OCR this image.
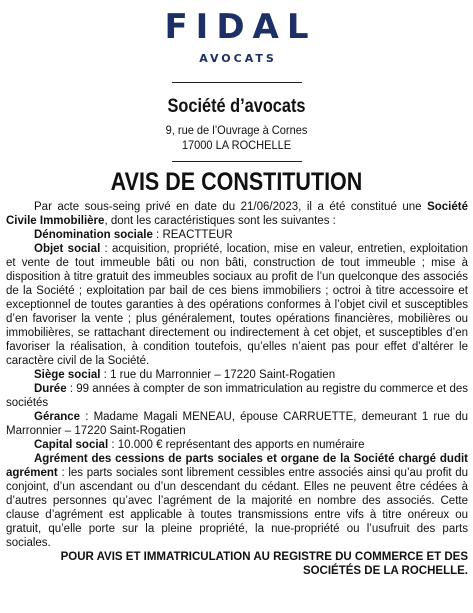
FIDAL
AVOCATS
Société d’avocats
9, rue de l’Ouvrage à Cornes
17000 LA ROCHELLE
AVIS DE CONSTITUTION

Par acte sous-seing privé en date du 21/06/2023, il a été constitué une Société Civile Immobilière, dont les caractéristiques sont les suivantes :

Dénomination sociale : REACTTEUR

Objet social : acquisition, propriété, location, mise en valeur, entretien, exploitation et vente de tout immeuble bâti ou non bâti, construction de tout immeuble ; mise à disposition à titre gratuit des immeubles sociaux au profit de l’un quelconque des associés de la Société ; exploitation par bail de ces biens immobiliers ; octroi à titre accessoire et exceptionnel de toutes garanties à des opérations conformes à l’objet civil et susceptibles d’en favoriser la vente ; plus généralement, toutes opérations financières, mobilières ou immobilières, se rattachant directement ou indirectement à cet objet, et susceptibles d’en favoriser la réalisation, à condition toutefois, qu’elles n’aient pas pour effet d’altérer le caractère civil de la Société.

Siège social : 1 rue du Marronnier – 17220 Saint-Rogatien

Durée : 99 années à compter de son immatriculation au registre du commerce et des sociétés

Gérance : Madame Magali MENEAU, épouse CARRUETTE, demeurant 1 rue du Marronnier – 17220 Saint-Rogatien

Capital social : 10.000 € représentant des apports en numéraire

Agrément des cessions de parts sociales et organe de la Société chargé dudit agrément : les parts sociales sont librement cessibles entre associés ainsi qu’au profit du conjoint, d’un ascendant ou d’un descendant du cédant. Elles ne peuvent être cédées à d’autres personnes qu’avec l’agrément de la majorité en nombre des associés. Cette clause d’agrément est applicable à toutes transmissions entre vifs à titre onéreux ou gratuit, qu’elle porte sur la pleine propriété, la nue-propriété ou l’usufruit des parts sociales.

POUR AVIS ET IMMATRICULATION AU REGISTRE DU COMMERCE ET DES SOCIÉTÉS DE LA ROCHELLE.
